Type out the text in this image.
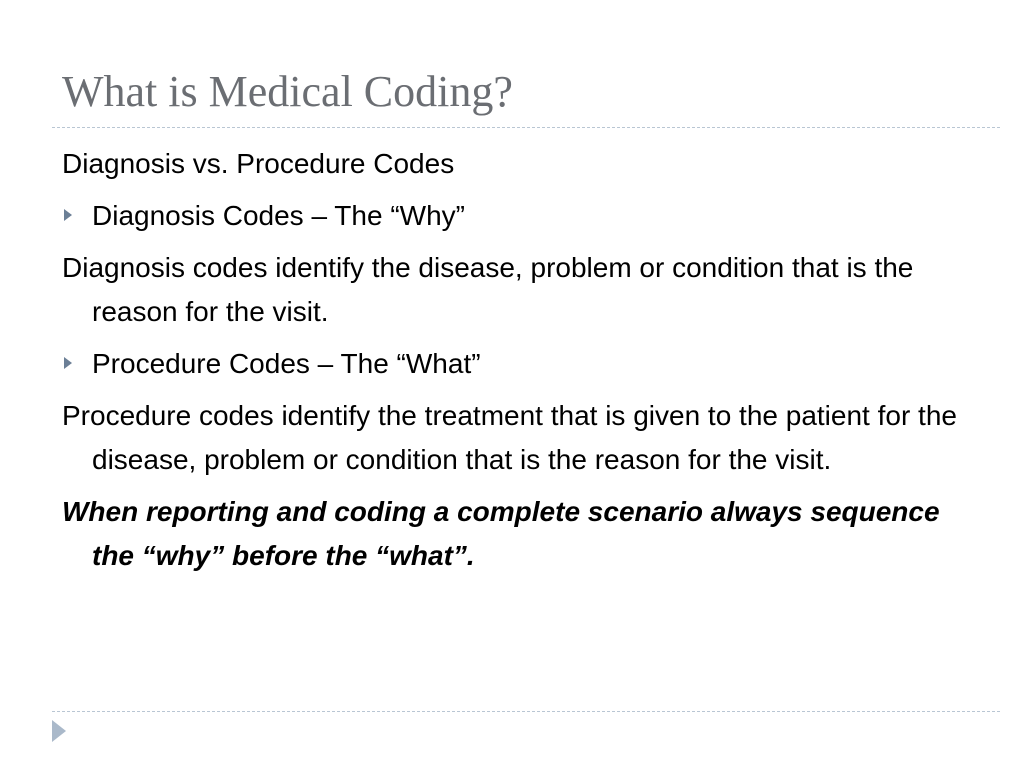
What is Medical Coding?
Diagnosis vs. Procedure Codes
Diagnosis Codes – The “Why”
Diagnosis codes identify the disease, problem or condition that is the reason for the visit.
Procedure Codes – The “What”
Procedure codes identify the treatment that is given to the patient for the disease, problem or condition that is the reason for the visit.
When reporting and coding a complete scenario always sequence the “why” before the “what”.
